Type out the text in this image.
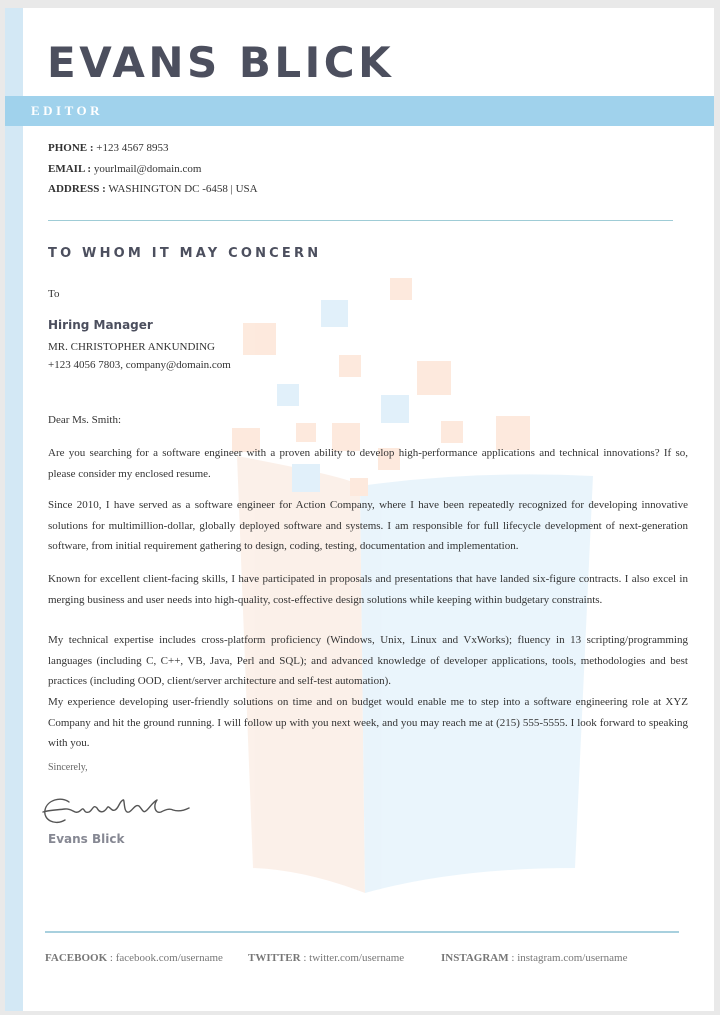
EVANS BLICK
EDITOR
PHONE : +123 4567 8953
EMAIL : yourlmail@domain.com
ADDRESS : WASHINGTON DC -6458 | USA
TO WHOM IT MAY CONCERN
To
Hiring Manager
MR. CHRISTOPHER ANKUNDING
+123 4056 7803, company@domain.com
Dear Ms. Smith:

Are you searching for a software engineer with a proven ability to develop high-performance applications and technical innovations? If so, please consider my enclosed resume.

Since 2010, I have served as a software engineer for Action Company, where I have been repeatedly recognized for developing innovative solutions for multimillion-dollar, globally deployed software and systems. I am responsible for full lifecycle development of next-generation software, from initial requirement gathering to design, coding, testing, documentation and implementation.

Known for excellent client-facing skills, I have participated in proposals and presentations that have landed six-figure contracts. I also excel in merging business and user needs into high-quality, cost-effective design solutions while keeping within budgetary constraints.

My technical expertise includes cross-platform proficiency (Windows, Unix, Linux and VxWorks); fluency in 13 scripting/programming languages (including C, C++, VB, Java, Perl and SQL); and advanced knowledge of developer applications, tools, methodologies and best practices (including OOD, client/server architecture and self-test automation).

My experience developing user-friendly solutions on time and on budget would enable me to step into a software engineering role at XYZ Company and hit the ground running. I will follow up with you next week, and you may reach me at (215) 555-5555. I look forward to speaking with you.

Sincerely,
Evans Blick
FACEBOOK : facebook.com/username TWITTER : twitter.com/username	INSTAGRAM : instagram.com/username
